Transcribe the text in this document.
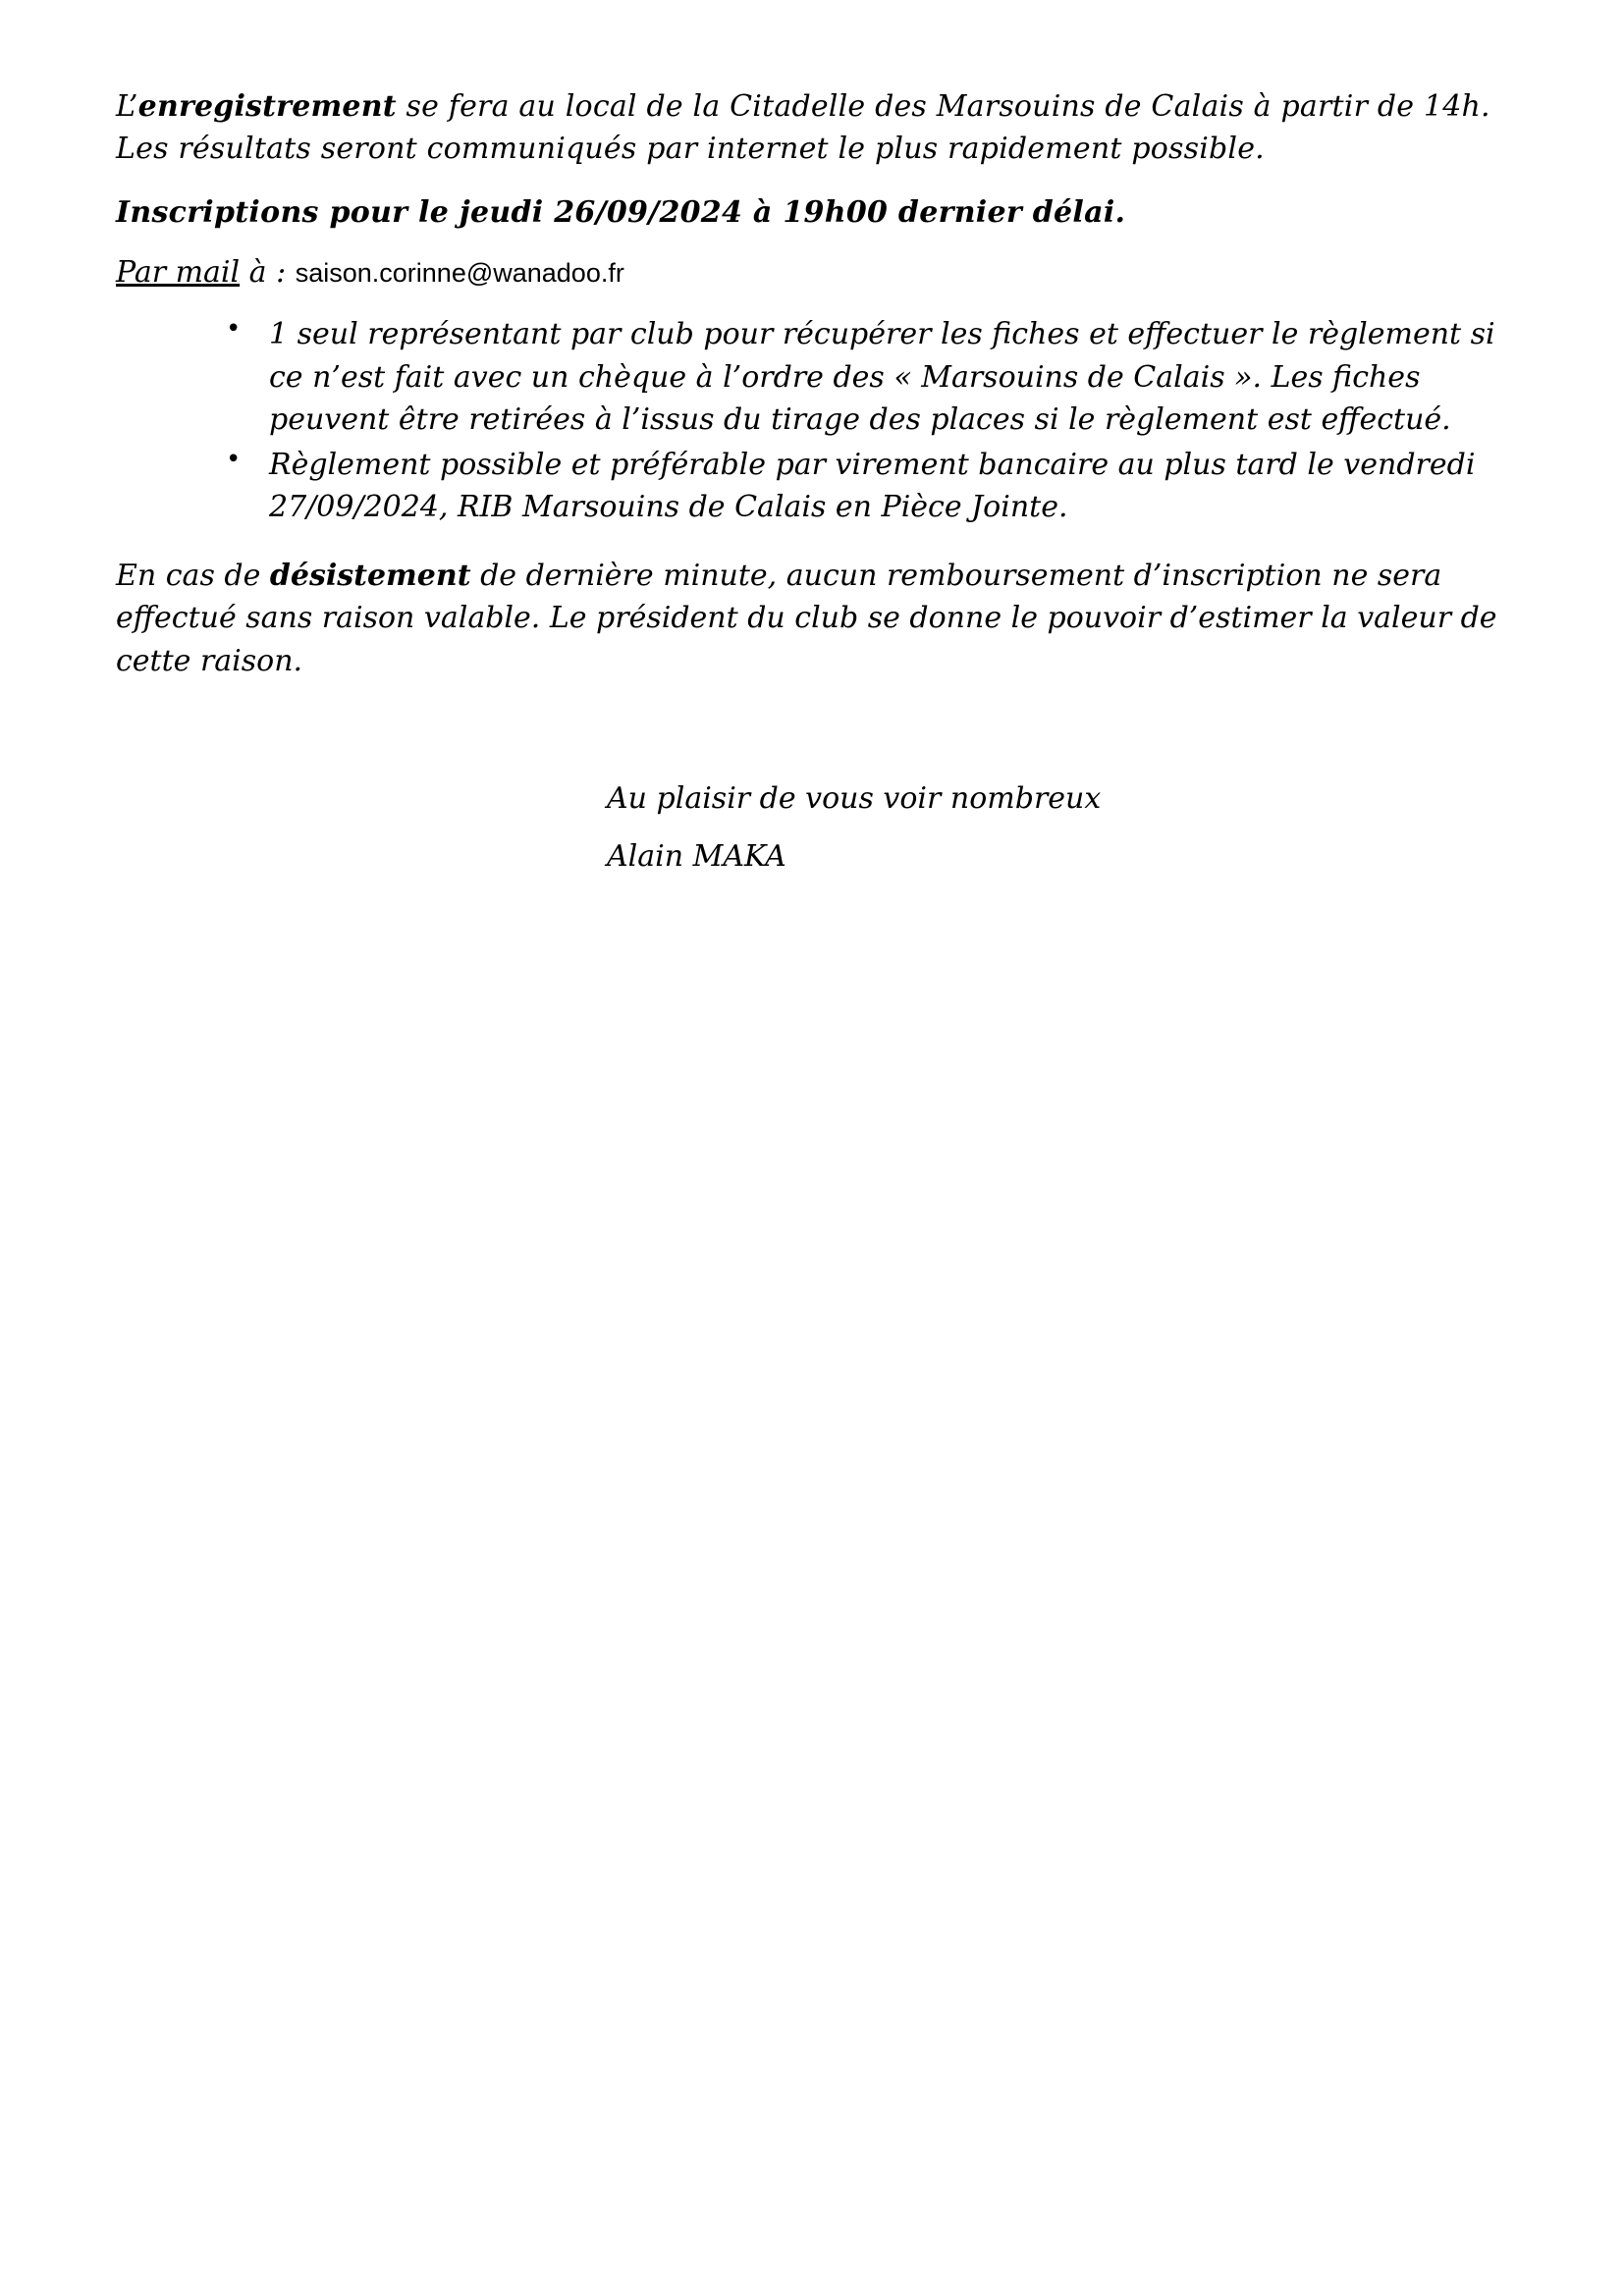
L’enregistrement se fera au local de la Citadelle des Marsouins de Calais à partir de 14h. Les résultats seront communiqués par internet le plus rapidement possible.

Inscriptions pour le jeudi 26/09/2024 à 19h00 dernier délai.

Par mail à : saison.corinne@wanadoo.fr

• 1 seul représentant par club pour récupérer les fiches et effectuer le règlement si ce n’est fait avec un chèque à l’ordre des « Marsouins de Calais ». Les fiches peuvent être retirées à l’issus du tirage des places si le règlement est effectué.
• Règlement possible et préférable par virement bancaire au plus tard le vendredi 27/09/2024, RIB Marsouins de Calais en Pièce Jointe.

En cas de désistement de dernière minute, aucun remboursement d’inscription ne sera effectué sans raison valable. Le président du club se donne le pouvoir d’estimer la valeur de cette raison.

Au plaisir de vous voir nombreux
Alain MAKA
